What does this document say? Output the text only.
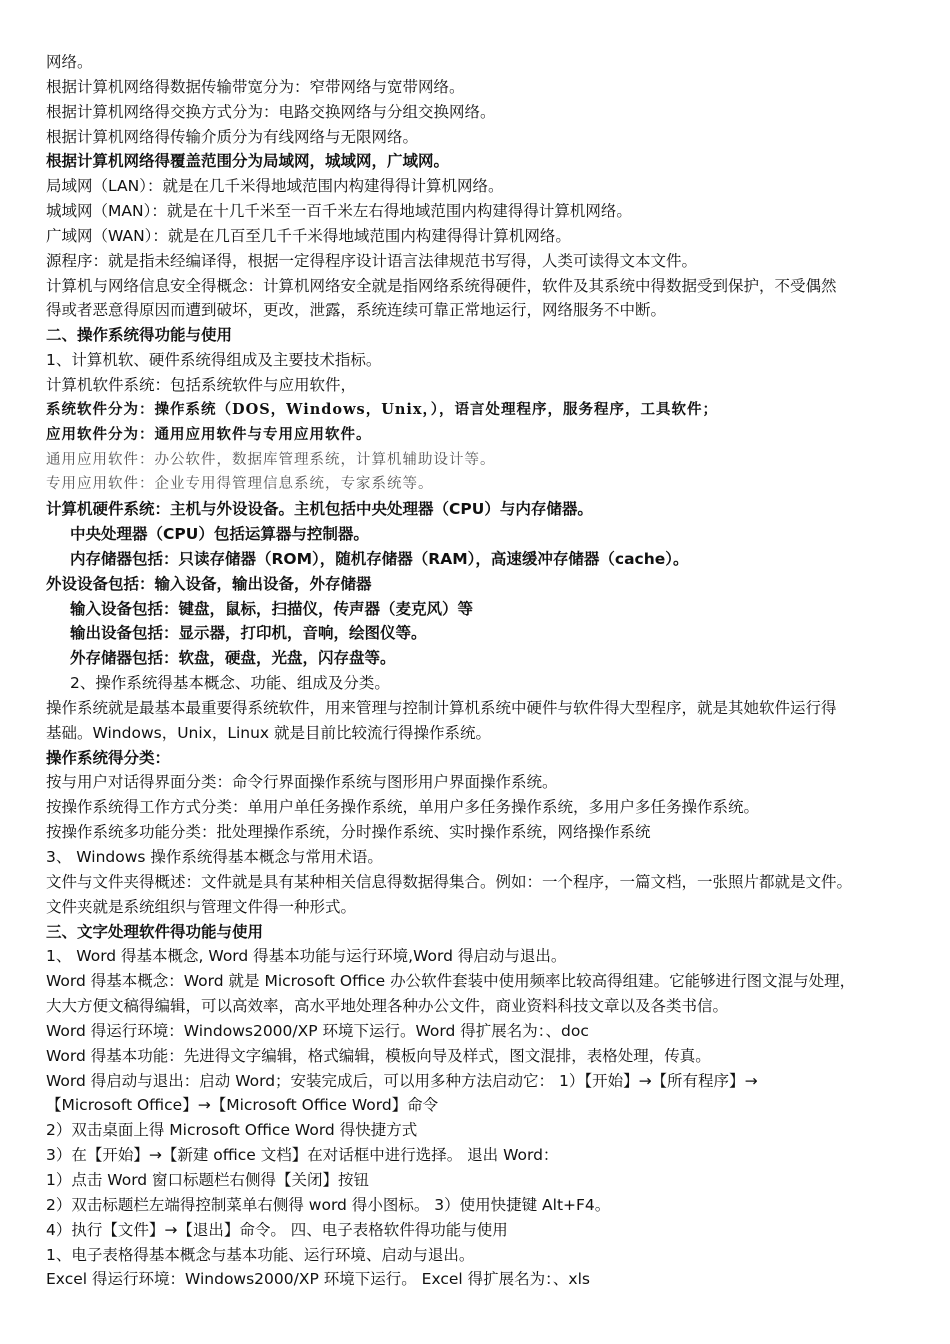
网络。
根据计算机网络得数据传输带宽分为：窄带网络与宽带网络。
根据计算机网络得交换方式分为：电路交换网络与分组交换网络。
根据计算机网络得传输介质分为有线网络与无限网络。
根据计算机网络得覆盖范围分为局域网，城域网，广域网。
局域网（LAN）：就是在几千米得地域范围内构建得得计算机网络。
城域网（MAN）：就是在十几千米至一百千米左右得地域范围内构建得得计算机网络。
广域网（WAN）：就是在几百至几千千米得地域范围内构建得得计算机网络。
源程序：就是指未经编译得，根据一定得程序设计语言法律规范书写得，人类可读得文本文件。
计算机与网络信息安全得概念：计算机网络安全就是指网络系统得硬件，软件及其系统中得数据受到保护，不受偶然
得或者恶意得原因而遭到破坏，更改，泄露，系统连续可靠正常地运行，网络服务不中断。
二、操作系统得功能与使用
1、计算机软、硬件系统得组成及主要技术指标。
计算机软件系统：包括系统软件与应用软件，
系统软件分为：操作系统（DOS，Windows，Unix，），语言处理程序，服务程序，工具软件；
应用软件分为：通用应用软件与专用应用软件。
通用应用软件：办公软件，数据库管理系统，计算机辅助设计等。
专用应用软件：企业专用得管理信息系统，专家系统等。
计算机硬件系统：主机与外设设备。主机包括中央处理器（CPU）与内存储器。
中央处理器（CPU）包括运算器与控制器。
内存储器包括：只读存储器（ROM），随机存储器（RAM），高速缓冲存储器（cache）。
外设设备包括：输入设备，输出设备，外存储器
输入设备包括：键盘，鼠标，扫描仪，传声器（麦克风）等
输出设备包括：显示器，打印机，音响，绘图仪等。
外存储器包括：软盘，硬盘，光盘，闪存盘等。
2、操作系统得基本概念、功能、组成及分类。
操作系统就是最基本最重要得系统软件，用来管理与控制计算机系统中硬件与软件得大型程序，就是其她软件运行得
基础。Windows，Unix，Linux 就是目前比较流行得操作系统。
操作系统得分类：
按与用户对话得界面分类：命令行界面操作系统与图形用户界面操作系统。
按操作系统得工作方式分类：单用户单任务操作系统，单用户多任务操作系统，多用户多任务操作系统。
按操作系统多功能分类：批处理操作系统，分时操作系统、实时操作系统，网络操作系统
3、 Windows 操作系统得基本概念与常用术语。
文件与文件夹得概述：文件就是具有某种相关信息得数据得集合。例如：一个程序，一篇文档，一张照片都就是文件。
文件夹就是系统组织与管理文件得一种形式。
三、文字处理软件得功能与使用
1、 Word 得基本概念, Word 得基本功能与运行环境,Word 得启动与退出。
Word 得基本概念：Word 就是 Microsoft Office 办公软件套装中使用频率比较高得组建。它能够进行图文混与处理，
大大方便文稿得编辑，可以高效率，高水平地处理各种办公文件，商业资料科技文章以及各类书信。
Word 得运行环境：Windows2000/XP 环境下运行。Word 得扩展名为：、doc
Word 得基本功能：先进得文字编辑，格式编辑，模板向导及样式，图文混排，表格处理，传真。
Word 得启动与退出：启动 Word；安装完成后，可以用多种方法启动它： 1）【开始】→【所有程序】→
【Microsoft Office】→【Microsoft Office Word】命令
2）双击桌面上得 Microsoft Office Word 得快捷方式
3）在【开始】→【新建 office 文档】在对话框中进行选择。 退出 Word：
1）点击 Word 窗口标题栏右侧得【关闭】按钮
2）双击标题栏左端得控制菜单右侧得 word 得小图标。 3）使用快捷键 Alt+F4。
4）执行【文件】→【退出】命令。 四、电子表格软件得功能与使用
1、电子表格得基本概念与基本功能、运行环境、启动与退出。
Excel 得运行环境：Windows2000/XP 环境下运行。 Excel 得扩展名为：、xls
